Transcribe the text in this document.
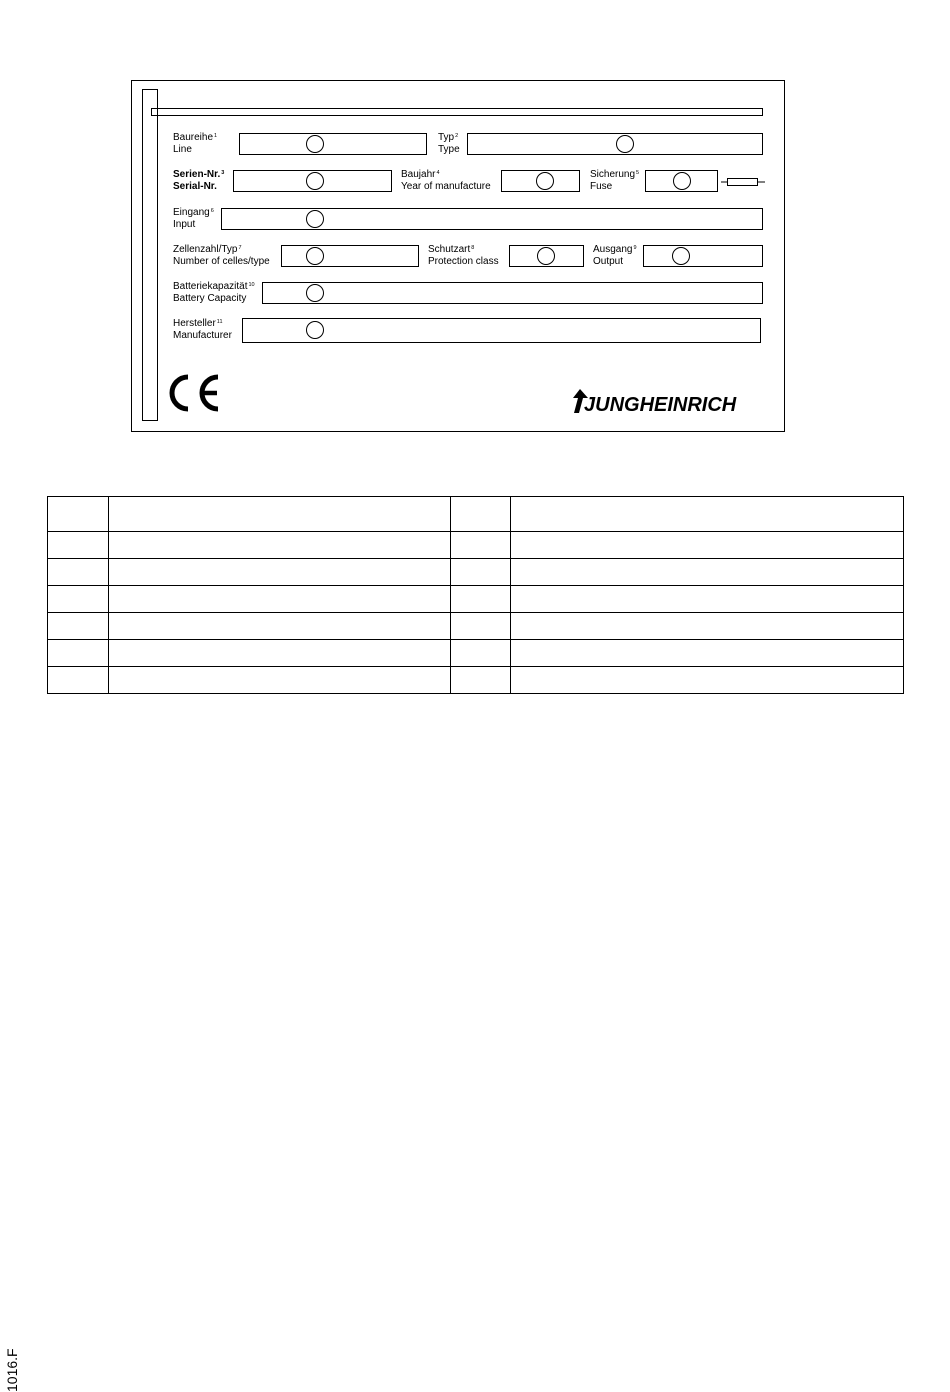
Baureihe$^1$
Line
Typ$^2$
Type
Serien-Nr.$^3$
Serial-Nr.
Baujahr$^4$
Year of manufacture
Sicherung$^5$
Fuse
Eingang$^6$
Input
Zellenzahl/Typ$^7$
Number of celles/type
Schutzart$^8$
Protection class
Ausgang$^9$
Output
Batteriekapazität$^{10}$
Battery Capacity
Hersteller$^{11}$
Manufacturer
JUNGHEINRICH

1016.F
